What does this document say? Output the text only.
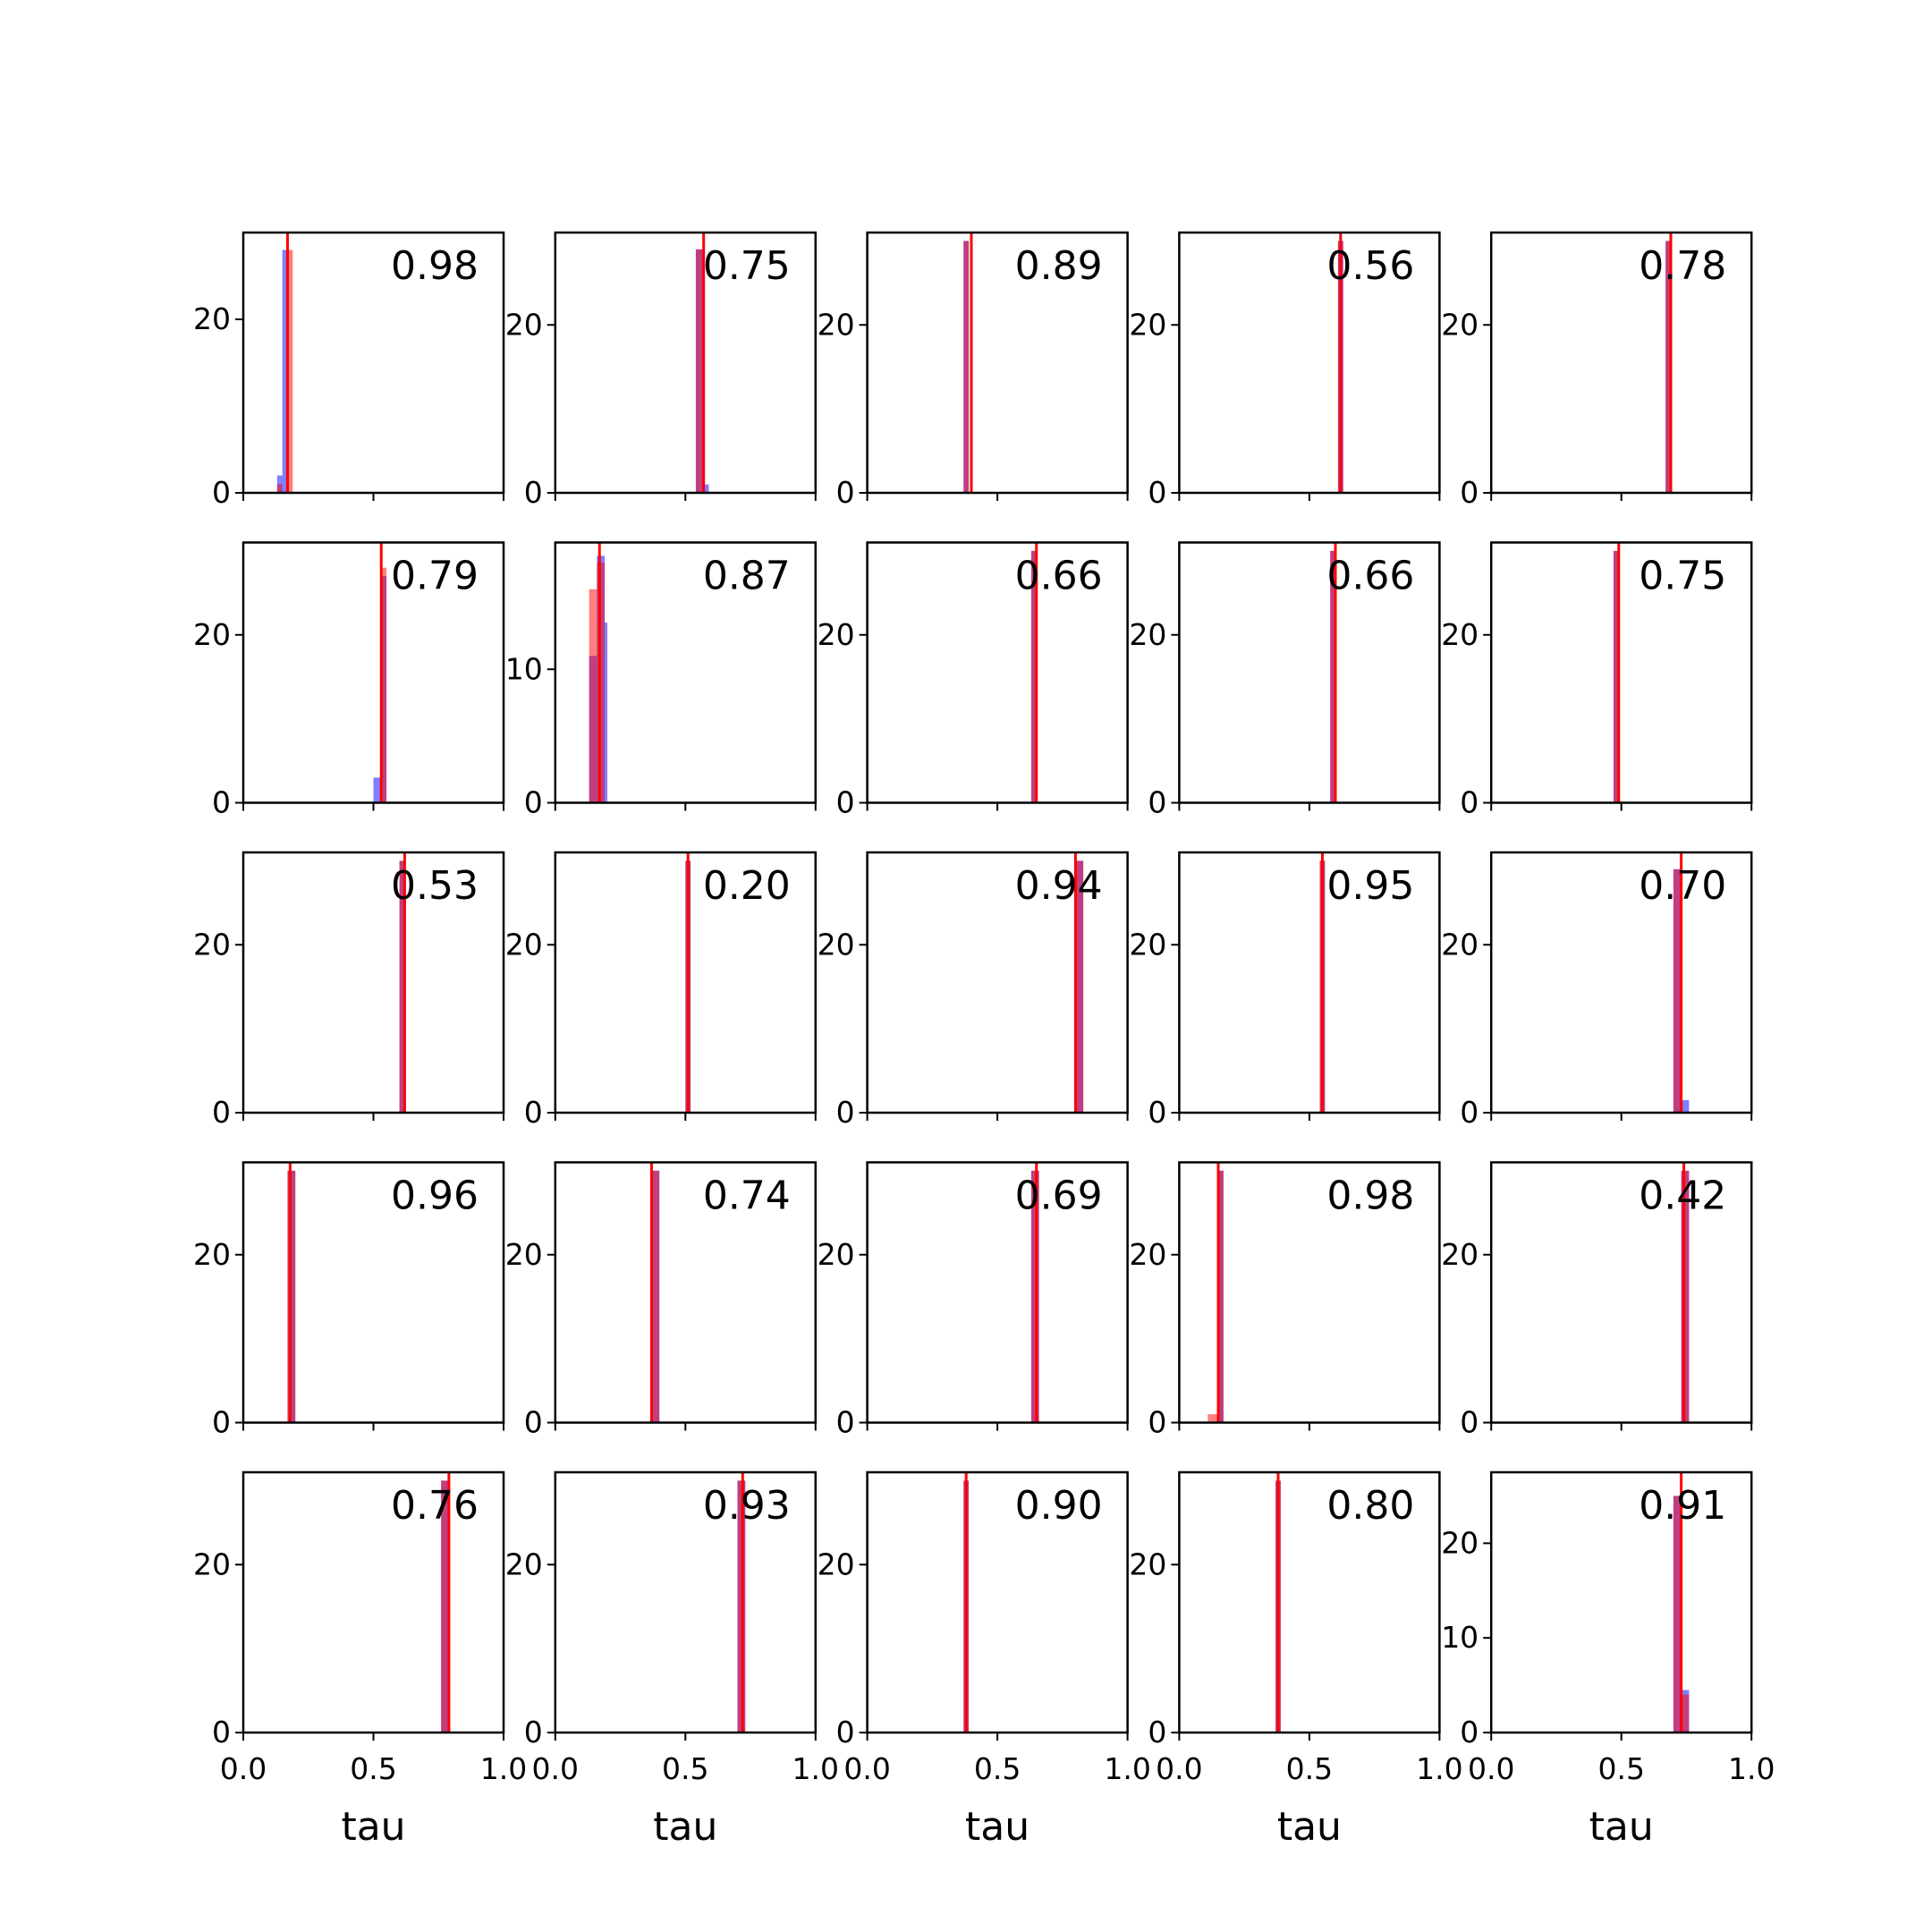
0
20
0.98
0
20
0.75
0
20
0.89
0
20
0.56
0
20
0.78
0
20
0.79
0
10
0.87
0
20
0.66
0
20
0.66
0
20
0.75
0
20
0.53
0
20
0.20
0
20
0.94
0
20
0.95
0
20
0.70
0
20
0.96
0
20
0.74
0
20
0.69
0
20
0.98
0
20
0.42
0
20
0.0	0.5	1.0
0.76
tau
0
20
0.0	0.5	1.0
0.93
tau
0
20
0.0	0.5	1.0
0.90
tau
0
20
0.0	0.5	1.0
0.80
tau
0
10
20
0.0	0.5	1.0
0.91
tau
